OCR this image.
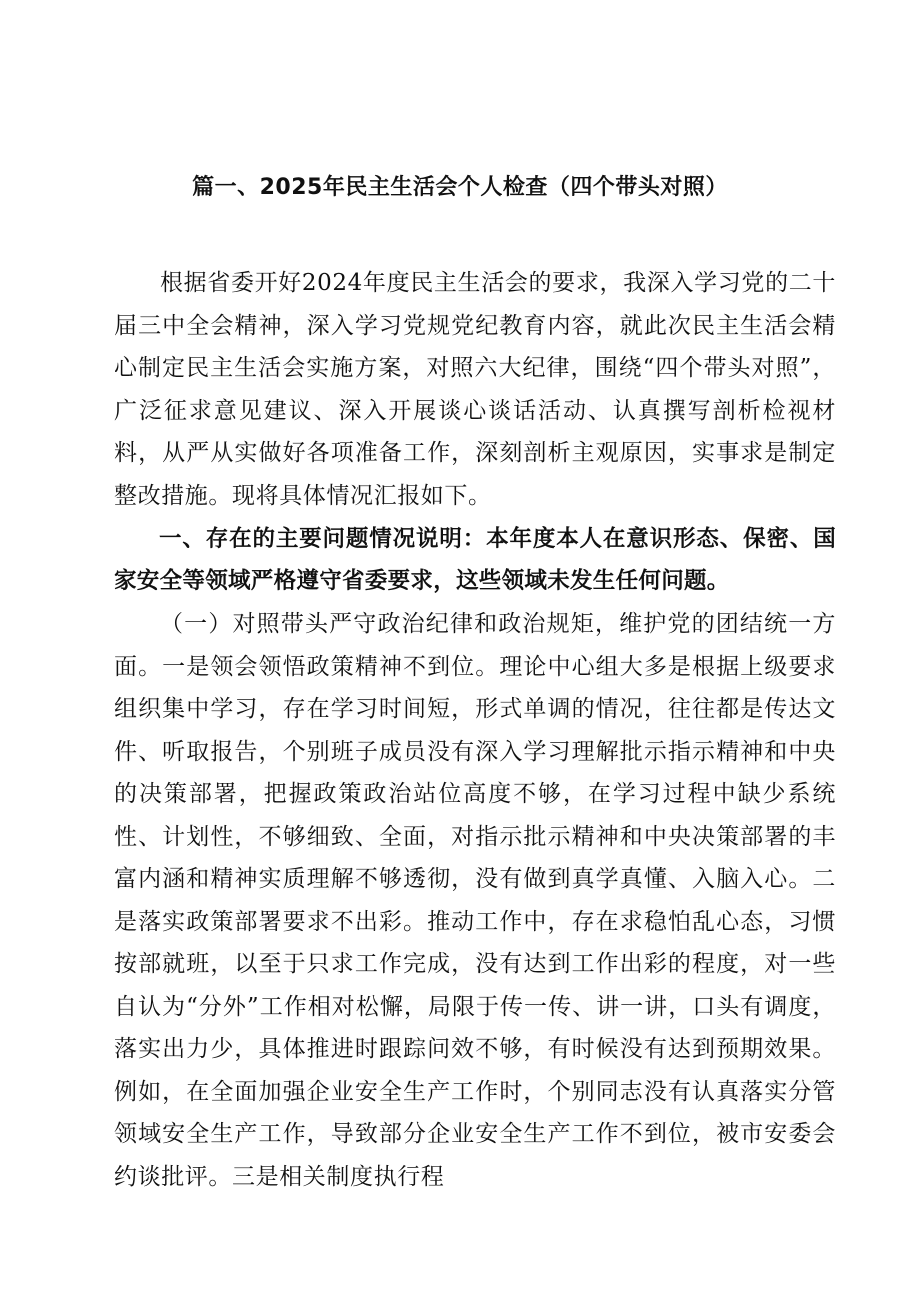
篇一、2025年民主生活会个人检查（四个带头对照）

根据省委开好2024年度民主生活会的要求，我深入学习党的二十届三中全会精神，深入学习党规党纪教育内容，就此次民主生活会精心制定民主生活会实施方案，对照六大纪律，围绕“四个带头对照”，广泛征求意见建议、深入开展谈心谈话活动、认真撰写剖析检视材料，从严从实做好各项准备工作，深刻剖析主观原因，实事求是制定整改措施。现将具体情况汇报如下。

一、存在的主要问题情况说明：本年度本人在意识形态、保密、国家安全等领域严格遵守省委要求，这些领域未发生任何问题。

（一）对照带头严守政治纪律和政治规矩，维护党的团结统一方面。一是领会领悟政策精神不到位。理论中心组大多是根据上级要求组织集中学习，存在学习时间短，形式单调的情况，往往都是传达文件、听取报告，个别班子成员没有深入学习理解批示指示精神和中央的决策部署，把握政策政治站位高度不够，在学习过程中缺少系统性、计划性，不够细致、全面，对指示批示精神和中央决策部署的丰富内涵和精神实质理解不够透彻，没有做到真学真懂、入脑入心。二是落实政策部署要求不出彩。推动工作中，存在求稳怕乱心态，习惯按部就班，以至于只求工作完成，没有达到工作出彩的程度，对一些自认为“分外”工作相对松懈，局限于传一传、讲一讲，口头有调度，落实出力少，具体推进时跟踪问效不够，有时候没有达到预期效果。例如，在全面加强企业安全生产工作时，个别同志没有认真落实分管领域安全生产工作，导致部分企业安全生产工作不到位，被市安委会约谈批评。三是相关制度执行程
